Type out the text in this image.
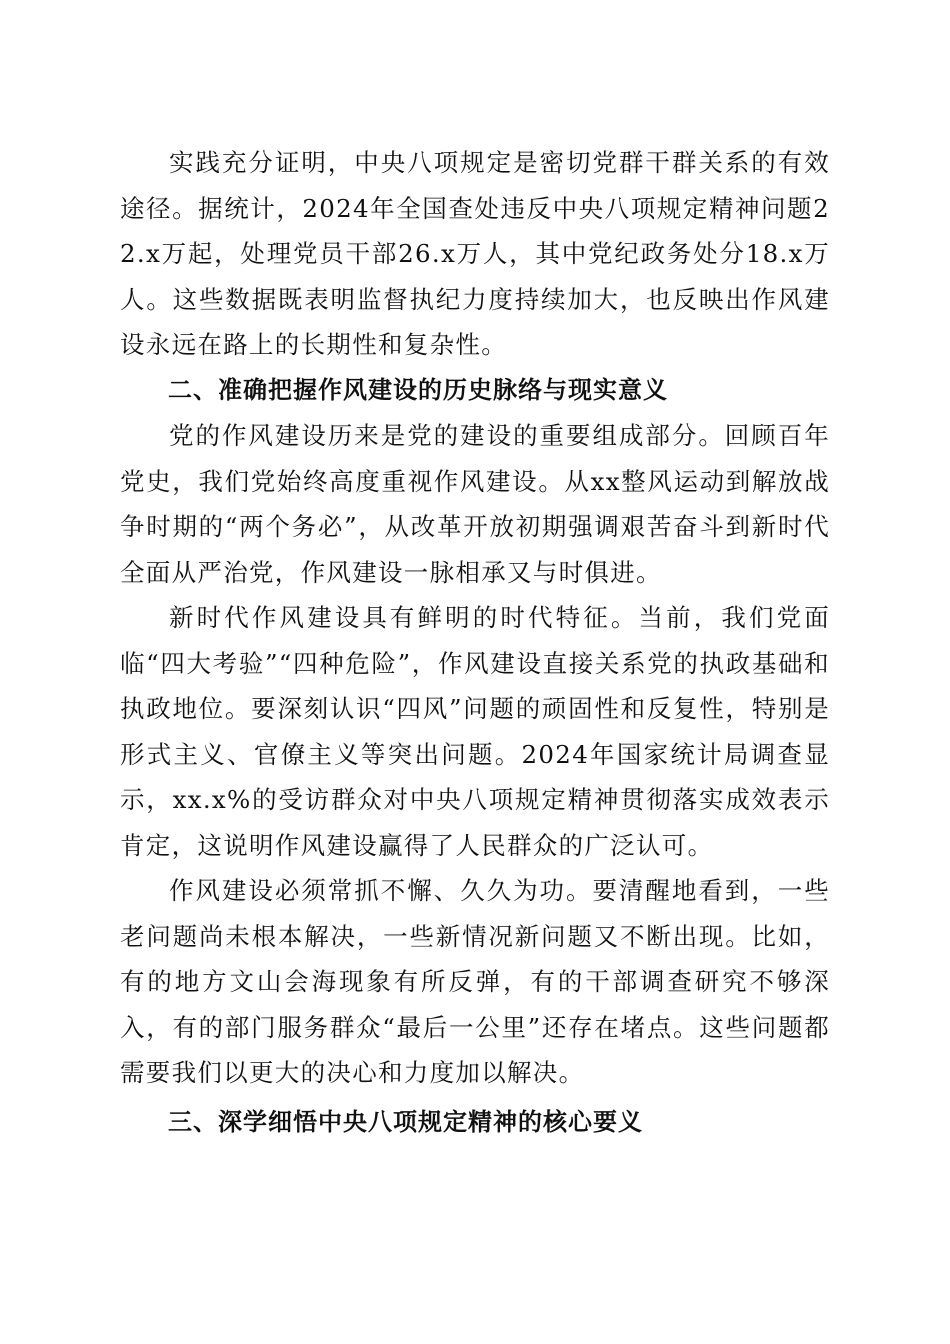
实践充分证明，中央八项规定是密切党群干群关系的有效途径。据统计，2024年全国查处违反中央八项规定精神问题22.x万起，处理党员干部26.x万人，其中党纪政务处分18.x万人。这些数据既表明监督执纪力度持续加大，也反映出作风建设永远在路上的长期性和复杂性。

二、准确把握作风建设的历史脉络与现实意义

党的作风建设历来是党的建设的重要组成部分。回顾百年党史，我们党始终高度重视作风建设。从xx整风运动到解放战争时期的“两个务必”，从改革开放初期强调艰苦奋斗到新时代全面从严治党，作风建设一脉相承又与时俱进。

新时代作风建设具有鲜明的时代特征。当前，我们党面临“四大考验”“四种危险”，作风建设直接关系党的执政基础和执政地位。要深刻认识“四风”问题的顽固性和反复性，特别是形式主义、官僚主义等突出问题。2024年国家统计局调查显示，xx.x%的受访群众对中央八项规定精神贯彻落实成效表示肯定，这说明作风建设赢得了人民群众的广泛认可。

作风建设必须常抓不懈、久久为功。要清醒地看到，一些老问题尚未根本解决，一些新情况新问题又不断出现。比如，有的地方文山会海现象有所反弹，有的干部调查研究不够深入，有的部门服务群众“最后一公里”还存在堵点。这些问题都需要我们以更大的决心和力度加以解决。

三、深学细悟中央八项规定精神的核心要义
